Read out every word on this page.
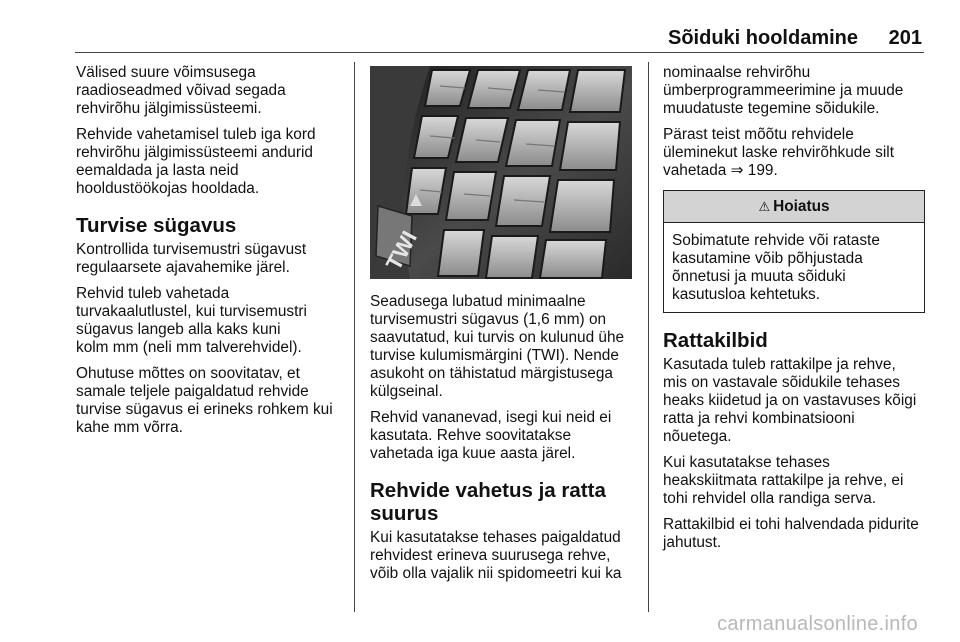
Sõiduki hooldamine 201

Välised suure võimsusega
raadioseadmed võivad segada
rehvirõhu jälgimissüsteemi.

Rehvide vahetamisel tuleb iga kord
rehvirõhu jälgimissüsteemi andurid
eemaldada ja lasta neid
hooldustöökojas hooldada.

Turvise sügavus

Kontrollida turvisemustri sügavust
regulaarsete ajavahemike järel.

Rehvid tuleb vahetada
turvakaalutlustel, kui turvisemustri
sügavus langeb alla kaks kuni
kolm mm (neli mm talverehvidel).

Ohutuse mõttes on soovitatav, et
samale teljele paigaldatud rehvide
turvise sügavus ei erineks rohkem kui
kahe mm võrra.

TWI

Seadusega lubatud minimaalne
turvisemustri sügavus (1,6 mm) on
saavutatud, kui turvis on kulunud ühe
turvise kulumismärgini (TWI). Nende
asukoht on tähistatud märgistusega
külgseinal.

Rehvid vananevad, isegi kui neid ei
kasutata. Rehve soovitatakse
vahetada iga kuue aasta järel.

Rehvide vahetus ja ratta
suurus

Kui kasutatakse tehases paigaldatud
rehvidest erineva suurusega rehve,
võib olla vajalik nii spidomeetri kui ka

nominaalse rehvirõhu
ümberprogrammeerimine ja muude
muudatuste tegemine sõidukile.

Pärast teist mõõtu rehvidele
üleminekut laske rehvirõhkude silt
vahetada ⇒ 199.

⚠ Hoiatus
Sobimatute rehvide või rataste
kasutamine võib põhjustada
õnnetusi ja muuta sõiduki
kasutusloa kehtetuks.
Rattakilbid

Kasutada tuleb rattakilpe ja rehve,
mis on vastavale sõidukile tehases
heaks kiidetud ja on vastavuses kõigi
ratta ja rehvi kombinatsiooni
nõuetega.

Kui kasutatakse tehases
heakskiitmata rattakilpe ja rehve, ei
tohi rehvidel olla randiga serva.

Rattakilbid ei tohi halvendada pidurite
jahutust.

carmanualsonline.info
